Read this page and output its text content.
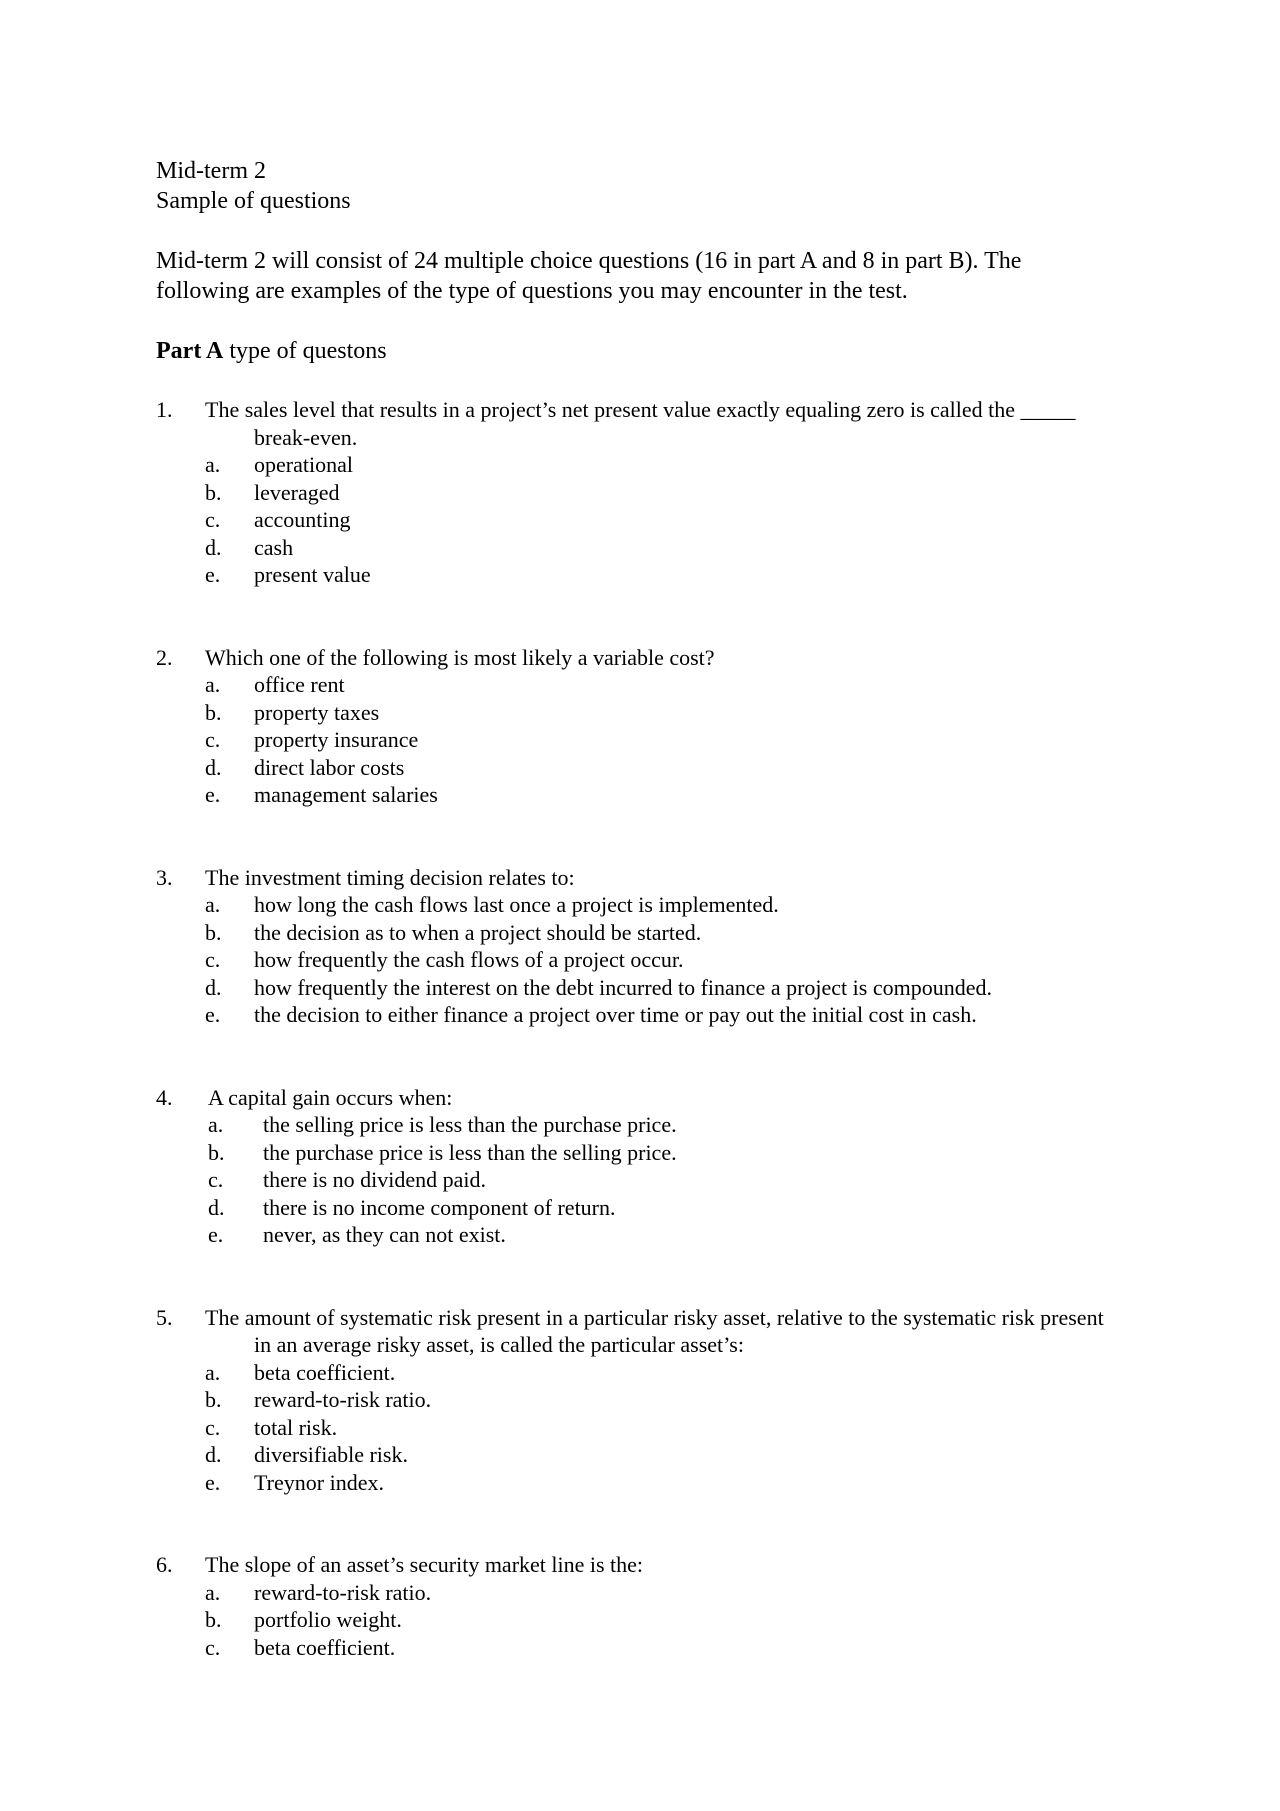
Mid-term 2

Sample of questions

Mid-term 2 will consist of 24 multiple choice questions (16 in part A and 8 in part B). The following are examples of the type of questions you may encounter in the test.

Part A type of questons

1.	The sales level that results in a project’s net present value exactly equaling zero is called the _____ break-even.
a.	operational
b.	leveraged
c.	accounting
d.	cash
e.	present value
2.	Which one of the following is most likely a variable cost?
a.	office rent
b.	property taxes
c.	property insurance
d.	direct labor costs
e.	management salaries
3.	The investment timing decision relates to:
a.	how long the cash flows last once a project is implemented.
b.	the decision as to when a project should be started.
c.	how frequently the cash flows of a project occur.
d.	how frequently the interest on the debt incurred to finance a project is compounded.
e.	the decision to either finance a project over time or pay out the initial cost in cash.
4.	A capital gain occurs when:
a.	the selling price is less than the purchase price.
b.	the purchase price is less than the selling price.
c.	there is no dividend paid.
d.	there is no income component of return.
e.	never, as they can not exist.
5.	The amount of systematic risk present in a particular risky asset, relative to the systematic risk present in an average risky asset, is called the particular asset’s:
a.	beta coefficient.
b.	reward-to-risk ratio.
c.	total risk.
d.	diversifiable risk.
e.	Treynor index.
6.	The slope of an asset’s security market line is the:
a.	reward-to-risk ratio.
b.	portfolio weight.
c.	beta coefficient.
